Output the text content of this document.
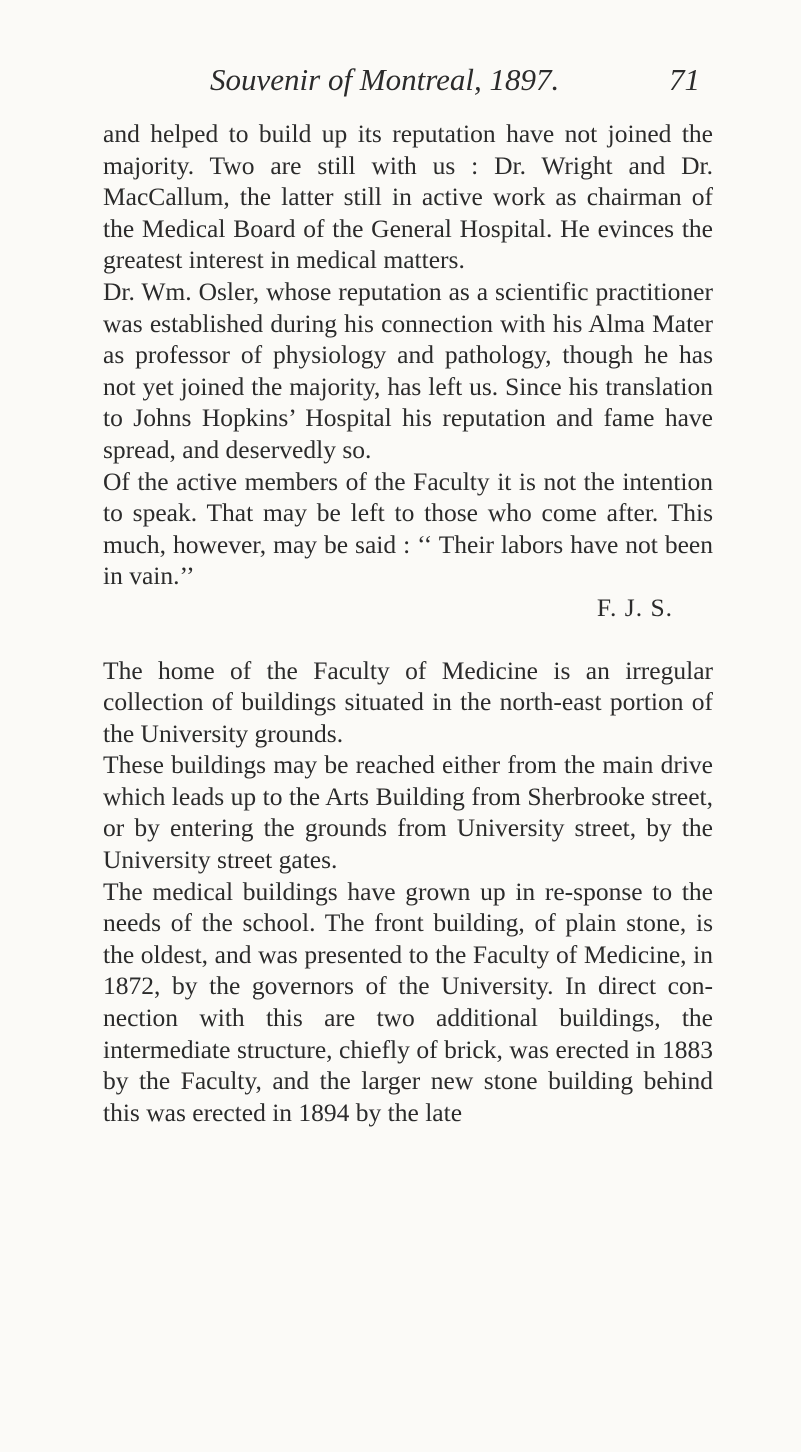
Souvenir of Montreal, 1897.	71

and helped to build up its reputation have not joined the majority. Two are still with us : Dr. Wright and Dr. MacCallum, the latter still in active work as chairman of the Medical Board of the General Hospital. He evinces the greatest interest in medical matters.

Dr. Wm. Osler, whose reputation as a scientific practitioner was established during his connection with his Alma Mater as professor of physiology and pathology, though he has not yet joined the majority, has left us. Since his translation to Johns Hopkins’ Hospital his reputation and fame have spread, and deservedly so.

Of the active members of the Faculty it is not the intention to speak. That may be left to those who come after. This much, however, may be said : ‘‘ Their labors have not been in vain.’’

F. J. S.

The home of the Faculty of Medicine is an irregular collection of buildings situated in the north-east portion of the University grounds.

These buildings may be reached either from the main drive which leads up to the Arts Building from Sherbrooke street, or by entering the grounds from University street, by the University street gates.

The medical buildings have grown up in re-sponse to the needs of the school. The front building, of plain stone, is the oldest, and was presented to the Faculty of Medicine, in 1872, by the governors of the University. In direct con-nection with this are two additional buildings, the intermediate structure, chiefly of brick, was erected in 1883 by the Faculty, and the larger new stone building behind this was erected in 1894 by the late
